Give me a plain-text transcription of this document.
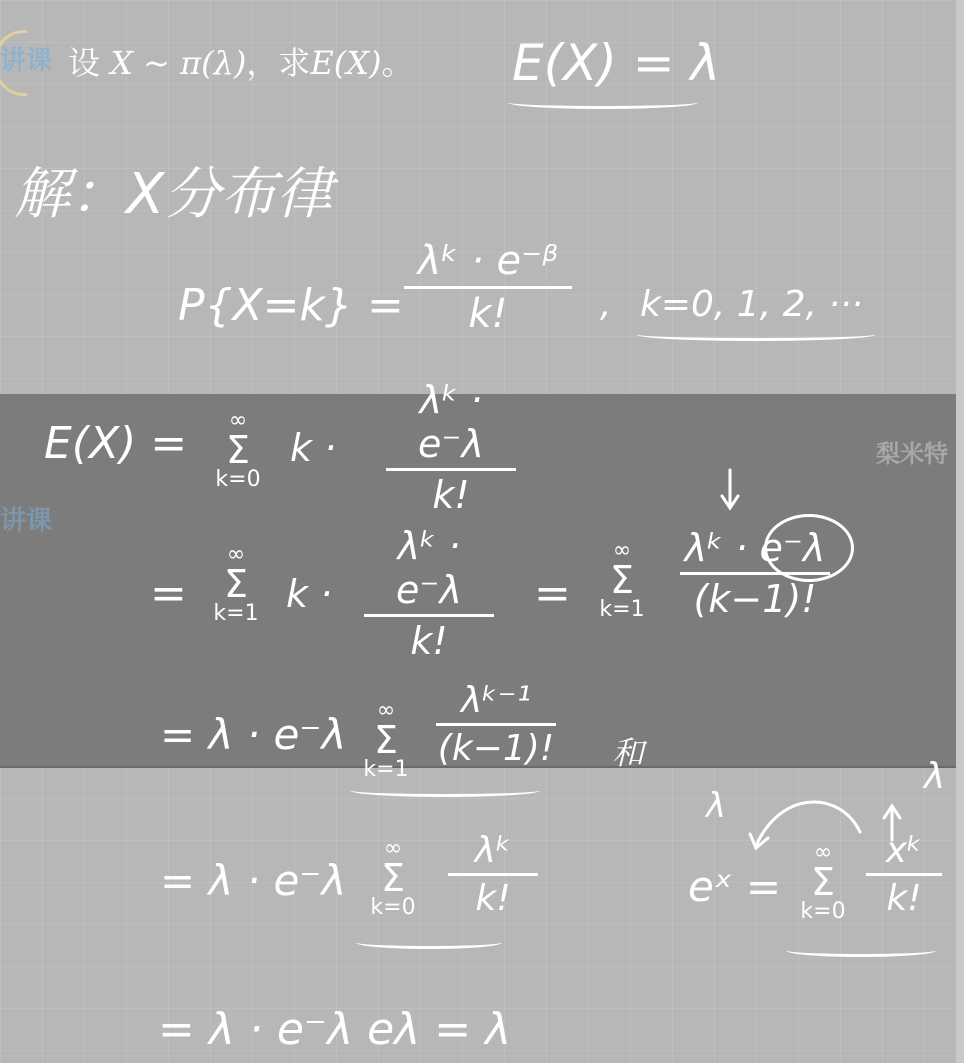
讲课
讲课
梨米特
设 X ~ π(λ)，求E(X)。 E(X) = λ
解：X分布律
P{X=k} =
λᵏ · e⁻ᵝ
k!	, k=0, 1, 2, ···
E(X) =	∞
Σ
k=0
k ·
λᵏ · e⁻λ
k!
=
∞
Σ
k=1 k ·
λᵏ · e⁻λ
k!
=
∞
Σ
k=1
λᵏ · e⁻λ
(k−1)!
= λ · e⁻λ	∞
Σ
k=1
λᵏ⁻¹
(k−1)! 和
= λ · e⁻λ
∞
Σ
k=0
λᵏ
k!	eˣ =
∞
Σ
k=0
xᵏ
k!
λ
λ
= λ · e⁻λ eλ = λ
